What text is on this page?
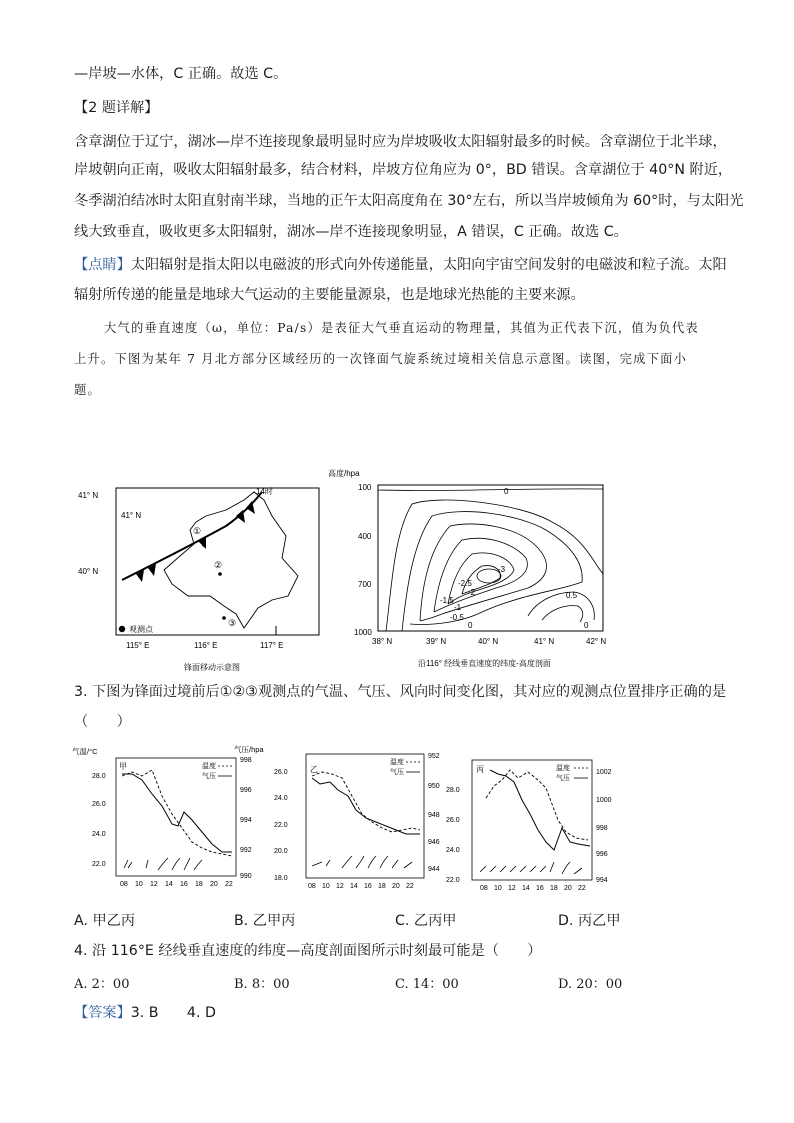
—岸坡—水体，C 正确。故选 C。
【2 题详解】
含章湖位于辽宁，湖冰—岸不连接现象最明显时应为岸坡吸收太阳辐射最多的时候。含章湖位于北半球，
岸坡朝向正南，吸收太阳辐射最多，结合材料，岸坡方位角应为 0°，BD 错误。含章湖位于 40°N 附近，
冬季湖泊结冰时太阳直射南半球，当地的正午太阳高度角在 30°左右，所以当岸坡倾角为 60°时，与太阳光
线大致垂直，吸收更多太阳辐射，湖冰—岸不连接现象明显，A 错误，C 正确。故选 C。
【点睛】太阳辐射是指太阳以电磁波的形式向外传递能量，太阳向宇宙空间发射的电磁波和粒子流。太阳
辐射所传递的能量是地球大气运动的主要能量源泉，也是地球光热能的主要来源。
大气的垂直速度（ω，单位：Pa/s）是表征大气垂直运动的物理量，其值为正代表下沉，值为负代表
上升。下图为某年 7 月北方部分区域经历的一次锋面气旋系统过境相关信息示意图。读图，完成下面小
题。
41° N
41° N
40° N
115° E	116° E	117° E
14时
①
②
③
观测点
锋面移动示意图
高度/hpa
100
400
700
1000
38° N	39° N	40° N	41° N	42° N
0
-3
-2.5
-2
-1.5
-1
-0.5
0
0.5
0
沿116° 经线垂直速度的纬度-高度剖面
3. 下图为锋面过境前后①②③观测点的气温、气压、风向时间变化图，其对应的观测点位置排序正确的是
（　　）
气温/°C	气压/hpa
甲	温度
气压
28.0
26.0
24.0
22.0
998
996
994
992
990
08 10 12 14 16 18 20 22
乙
温度
气压
26.0
24.0
22.0
20.0
18.0
952
950
948
946
944
08 10 12 14 16 18 20 22
丙	温度
气压
28.0
26.0
24.0
22.0
1002
1000
998
996
994
08 10 12 14 16 18 20 22
A. 甲乙丙	B. 乙甲丙	C. 乙丙甲	D. 丙乙甲
4. 沿 116°E 经线垂直速度的纬度—高度剖面图所示时刻最可能是（　　）
A. 2：00	B. 8：00	C. 14：00	D. 20：00
【答案】3. B　　4. D
